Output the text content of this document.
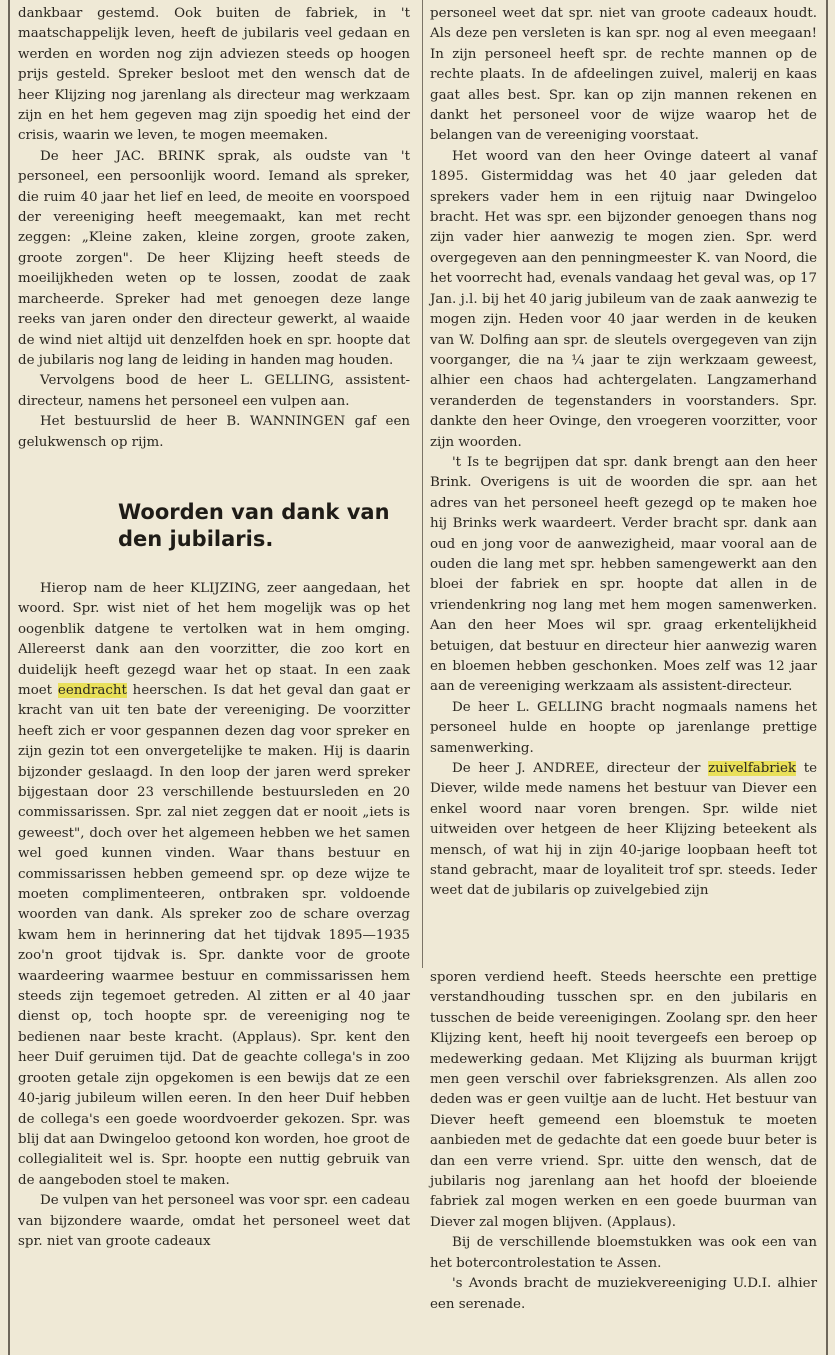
dankbaar gestemd. Ook buiten de fabriek, in 't maatschappelijk leven, heeft de jubilaris veel gedaan en werden en worden nog zijn adviezen steeds op hoogen prijs gesteld. Spreker besloot met den wensch dat de heer Klijzing nog jarenlang als directeur mag werkzaam zijn en het hem gegeven mag zijn spoedig het eind der crisis, waarin we leven, te mogen meemaken.

De heer JAC. BRINK sprak, als oudste van 't personeel, een persoonlijk woord. Iemand als spreker, die ruim 40 jaar het lief en leed, de meoite en voorspoed der vereeniging heeft meegemaakt, kan met recht zeggen: „Kleine zaken, kleine zorgen, groote zaken, groote zorgen". De heer Klijzing heeft steeds de moeilijkheden weten op te lossen, zoodat de zaak marcheerde. Spreker had met genoegen deze lange reeks van jaren onder den directeur gewerkt, al waaide de wind niet altijd uit denzelfden hoek en spr. hoopte dat de jubilaris nog lang de leiding in handen mag houden.

Vervolgens bood de heer L. GELLING, assistent-directeur, namens het personeel een vulpen aan.

Het bestuurslid de heer B. WANNINGEN gaf een gelukwensch op rijm.

Woorden van dank van
den jubilaris.

Hierop nam de heer KLIJZING, zeer aangedaan, het woord. Spr. wist niet of het hem mogelijk was op het oogenblik datgene te vertolken wat in hem omging. Allereerst dank aan den voorzitter, die zoo kort en duidelijk heeft gezegd waar het op staat. In een zaak moet eendracht heerschen. Is dat het geval dan gaat er kracht van uit ten bate der vereeniging. De voorzitter heeft zich er voor gespannen dezen dag voor spreker en zijn gezin tot een onvergetelijke te maken. Hij is daarin bijzonder geslaagd. In den loop der jaren werd spreker bijgestaan door 23 verschillende bestuursleden en 20 commissarissen. Spr. zal niet zeggen dat er nooit „iets is geweest", doch over het algemeen hebben we het samen wel goed kunnen vinden. Waar thans bestuur en commissarissen hebben gemeend spr. op deze wijze te moeten complimenteeren, ontbraken spr. voldoende woorden van dank. Als spreker zoo de schare overzag kwam hem in herinnering dat het tijdvak 1895—1935 zoo'n groot tijdvak is. Spr. dankte voor de groote waardeering waarmee bestuur en commissarissen hem steeds zijn tegemoet getreden. Al zitten er al 40 jaar dienst op, toch hoopte spr. de vereeniging nog te bedienen naar beste kracht. (Applaus). Spr. kent den heer Duif geruimen tijd. Dat de geachte collega's in zoo grooten getale zijn opgekomen is een bewijs dat ze een 40-jarig jubileum willen eeren. In den heer Duif hebben de collega's een goede woordvoerder gekozen. Spr. was blij dat aan Dwingeloo getoond kon worden, hoe groot de collegialiteit wel is. Spr. hoopte een nuttig gebruik van de aangeboden stoel te maken.

De vulpen van het personeel was voor spr. een cadeau van bijzondere waarde, omdat het personeel weet dat spr. niet van groote cadeaux

personeel weet dat spr. niet van groote cadeaux houdt. Als deze pen versleten is kan spr. nog al even meegaan! In zijn personeel heeft spr. de rechte mannen op de rechte plaats. In de afdeelingen zuivel, malerij en kaas gaat alles best. Spr. kan op zijn mannen rekenen en dankt het personeel voor de wijze waarop het de belangen van de vereeniging voorstaat.

Het woord van den heer Ovinge dateert al vanaf 1895. Gistermiddag was het 40 jaar geleden dat sprekers vader hem in een rijtuig naar Dwingeloo bracht. Het was spr. een bijzonder genoegen thans nog zijn vader hier aanwezig te mogen zien. Spr. werd overgegeven aan den penningmeester K. van Noord, die het voorrecht had, evenals vandaag het geval was, op 17 Jan. j.l. bij het 40 jarig jubileum van de zaak aanwezig te mogen zijn. Heden voor 40 jaar werden in de keuken van W. Dolfing aan spr. de sleutels overgegeven van zijn voorganger, die na ¼ jaar te zijn werkzaam geweest, alhier een chaos had achtergelaten. Langzamerhand veranderden de tegenstanders in voorstanders. Spr. dankte den heer Ovinge, den vroegeren voorzitter, voor zijn woorden.

't Is te begrijpen dat spr. dank brengt aan den heer Brink. Overigens is uit de woorden die spr. aan het adres van het personeel heeft gezegd op te maken hoe hij Brinks werk waardeert. Verder bracht spr. dank aan oud en jong voor de aanwezigheid, maar vooral aan de ouden die lang met spr. hebben samengewerkt aan den bloei der fabriek en spr. hoopte dat allen in de vriendenkring nog lang met hem mogen samenwerken. Aan den heer Moes wil spr. graag erkentelijkheid betuigen, dat bestuur en directeur hier aanwezig waren en bloemen hebben geschonken. Moes zelf was 12 jaar aan de vereeniging werkzaam als assistent-directeur.

De heer L. GELLING bracht nogmaals namens het personeel hulde en hoopte op jarenlange prettige samenwerking.

De heer J. ANDREE, directeur der zuivelfabriek te Diever, wilde mede namens het bestuur van Diever een enkel woord naar voren brengen. Spr. wilde niet uitweiden over hetgeen de heer Klijzing beteekent als mensch, of wat hij in zijn 40-jarige loopbaan heeft tot stand gebracht, maar de loyaliteit trof spr. steeds. Ieder weet dat de jubilaris op zuivelgebied zijn

sporen verdiend heeft. Steeds heerschte een prettige verstandhouding tusschen spr. en den jubilaris en tusschen de beide vereenigingen. Zoolang spr. den heer Klijzing kent, heeft hij nooit tevergeefs een beroep op medewerking gedaan. Met Klijzing als buurman krijgt men geen verschil over fabrieksgrenzen. Als allen zoo deden was er geen vuiltje aan de lucht. Het bestuur van Diever heeft gemeend een bloemstuk te moeten aanbieden met de gedachte dat een goede buur beter is dan een verre vriend. Spr. uitte den wensch, dat de jubilaris nog jarenlang aan het hoofd der bloeiende fabriek zal mogen werken en een goede buurman van Diever zal mogen blijven. (Applaus).

Bij de verschillende bloemstukken was ook een van het botercontrolestation te Assen.

's Avonds bracht de muziekvereeniging U.D.I. alhier een serenade.
